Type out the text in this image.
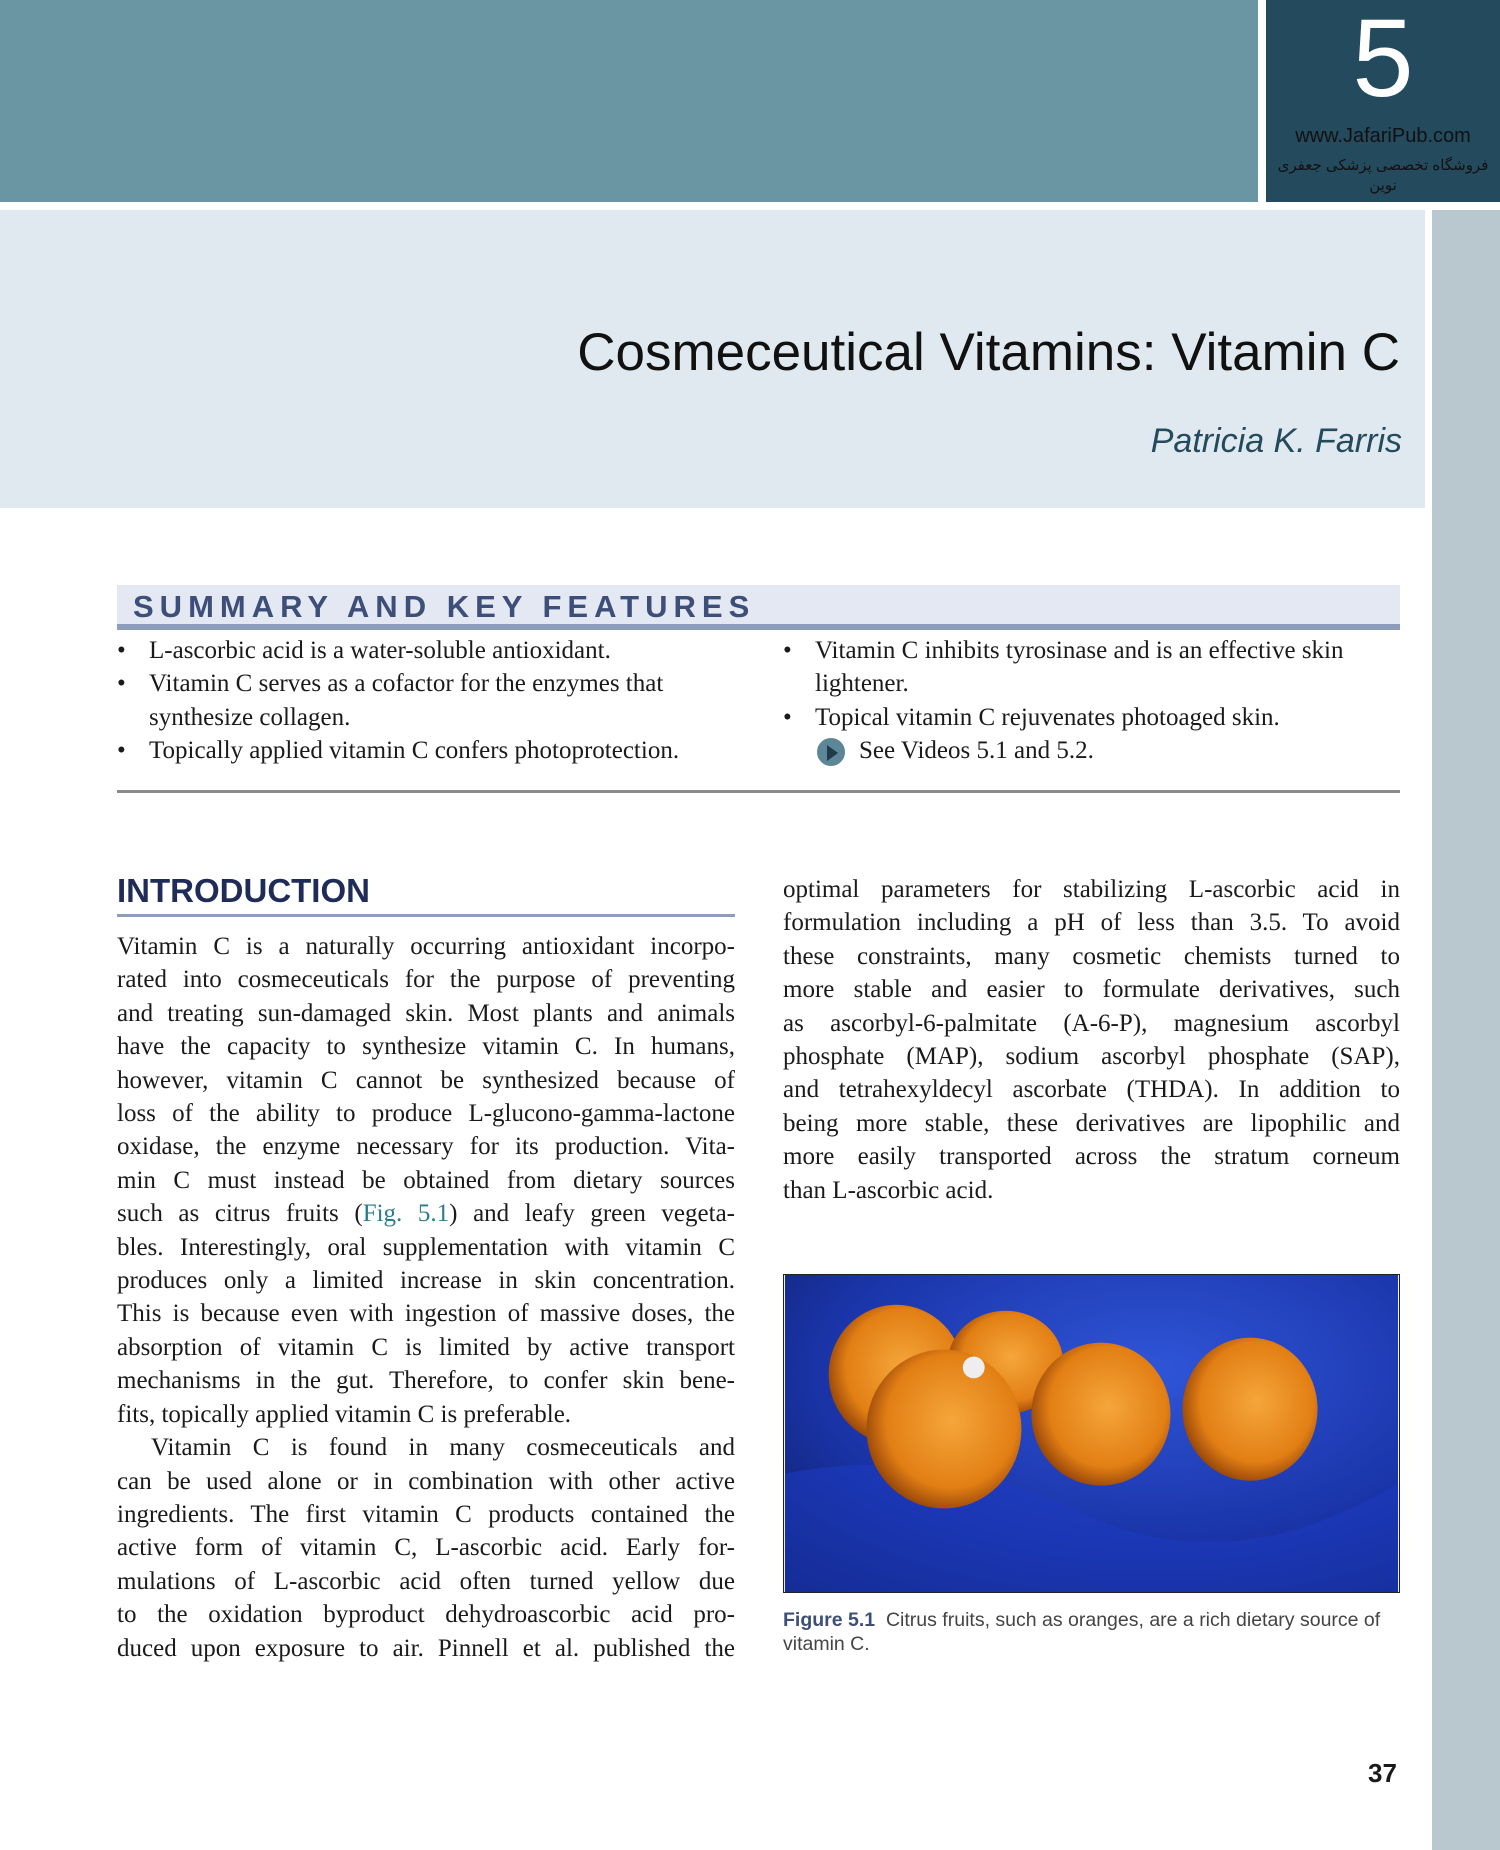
5
www.JafariPub.com
فروشگاه تخصصی پزشکی جعفری نوین
Cosmeceutical Vitamins: Vitamin C
Patricia K. Farris
SUMMARY AND KEY FEATURES
• L-ascorbic acid is a water-soluble antioxidant.
• Vitamin C serves as a cofactor for the enzymes that synthesize collagen.
• Topically applied vitamin C confers photoprotection.
• Vitamin C inhibits tyrosinase and is an effective skin lightener.
• Topical vitamin C rejuvenates photoaged skin.
See Videos 5.1 and 5.2.
INTRODUCTION
Vitamin C is a naturally occurring antioxidant incorpo-
rated into cosmeceuticals for the purpose of preventing
and treating sun-damaged skin. Most plants and animals
have the capacity to synthesize vitamin C. In humans,
however, vitamin C cannot be synthesized because of
loss of the ability to produce L-glucono-gamma-lactone
oxidase, the enzyme necessary for its production. Vita-
min C must instead be obtained from dietary sources
such as citrus fruits (Fig. 5.1) and leafy green vegeta-
bles. Interestingly, oral supplementation with vitamin C
produces only a limited increase in skin concentration.
This is because even with ingestion of massive doses, the
absorption of vitamin C is limited by active transport
mechanisms in the gut. Therefore, to confer skin bene-
fits, topically applied vitamin C is preferable.
Vitamin C is found in many cosmeceuticals and
can be used alone or in combination with other active
ingredients. The first vitamin C products contained the
active form of vitamin C, L-ascorbic acid. Early for-
mulations of L-ascorbic acid often turned yellow due
to the oxidation byproduct dehydroascorbic acid pro-
duced upon exposure to air. Pinnell et al. published the
optimal parameters for stabilizing L-ascorbic acid in
formulation including a pH of less than 3.5. To avoid
these constraints, many cosmetic chemists turned to
more stable and easier to formulate derivatives, such
as ascorbyl-6-palmitate (A-6-P), magnesium ascorbyl
phosphate (MAP), sodium ascorbyl phosphate (SAP),
and tetrahexyldecyl ascorbate (THDA). In addition to
being more stable, these derivatives are lipophilic and
more easily transported across the stratum corneum
than L-ascorbic acid.
Figure 5.1 Citrus fruits, such as oranges, are a rich dietary source of vitamin C.
37
